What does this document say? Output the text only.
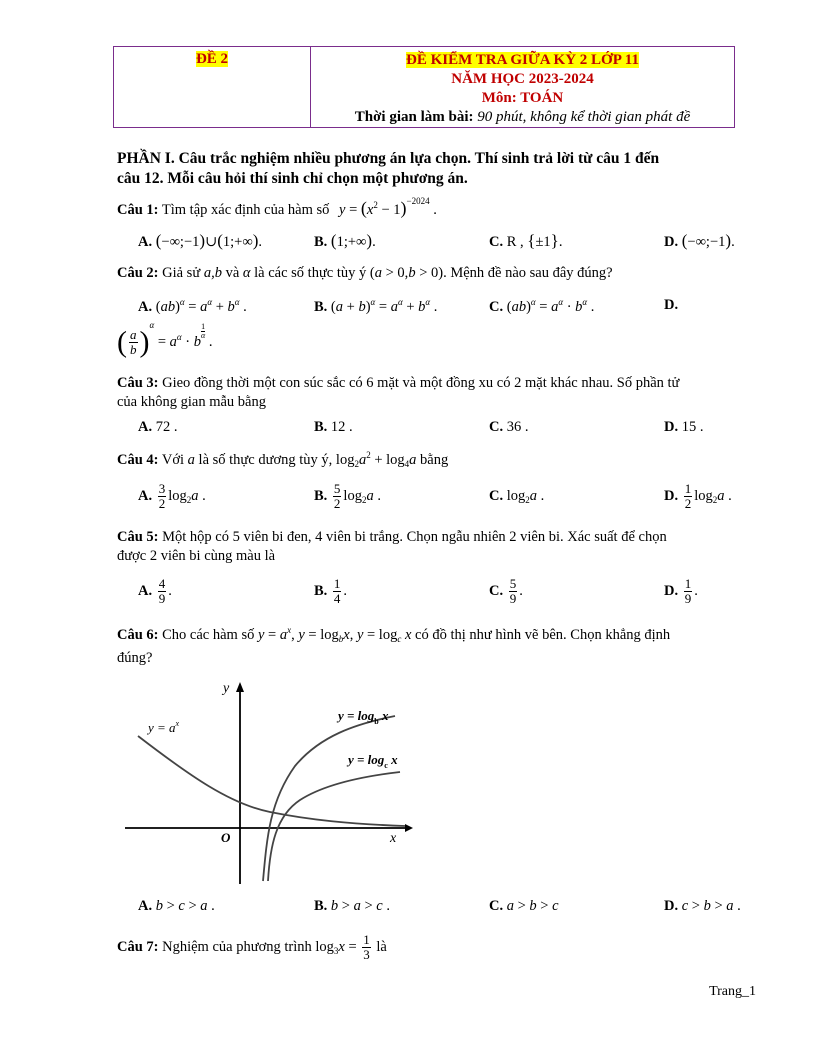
ĐỀ 2	ĐỀ KIỂM TRA GIỮA KỲ 2 LỚP 11
NĂM HỌC 2023-2024
Môn: TOÁN
Thời gian làm bài: 90 phút, không kể thời gian phát đề
PHẦN I. Câu trắc nghiệm nhiều phương án lựa chọn. Thí sinh trả lời từ câu 1 đến
câu 12. Mỗi câu hỏi thí sinh chỉ chọn một phương án.
Câu 1: Tìm tập xác định của hàm số $y = (x^2 - 1)^{-2024}$ .
A. (−∞;−1)∪(1;+∞).	B. (1;+∞).	C. R , {±1}.	D. (−∞;−1).
Câu 2: Giả sử a,b và α là các số thực tùy ý (a > 0,b > 0). Mệnh đề nào sau đây đúng?
A. $(ab)^\alpha = a^\alpha + b^\alpha$ .	B. $(a + b)^\alpha = a^\alpha + b^\alpha$ .	C. $(ab)^\alpha = a^\alpha \cdot b^\alpha$ .	D.
( $\frac{a}{b} )^\alpha = a^\alpha \cdot b$
$\frac{1}{\alpha}$
.
Câu 3: Gieo đồng thời một con súc sắc có 6 mặt và một đồng xu có 2 mặt khác nhau. Số phần tử
của không gian mẫu bằng
A. 72 .	B. 12 .	C. 36 .	D. 15 .
Câu 4: Với a là số thực dương tùy ý, $\log_2a^2 + \log_4a$ bằng
A. $\frac{3}{2} \log_2a$ .	B. $\frac{5}{2} \log_2a$ .	C. $\log_2a$ .	D. $\frac{1}{2} \log_2a$ .
Câu 5: Một hộp có 5 viên bi đen, 4 viên bi trắng. Chọn ngẫu nhiên 2 viên bi. Xác suất để chọn
được 2 viên bi cùng màu là
A. $\frac{4}{9}$ .	B. $\frac{1}{4}$ .	C. $\frac{5}{9}$ .	D. $\frac{1}{9}$ .
Câu 6: Cho các hàm số $y = a^x$, $y = \log_bx$, $y = \log_c x$ có đồ thị như hình vẽ bên. Chọn khẳng định
đúng?
y
x
O
$y = a^x$
$y = \log_b x$
$y = \log_c x$
A. b > c > a .	B. b > a > c .	C. a > b > c	D. c > b > a .
Câu 7: Nghiệm của phương trình $\log_3x = \frac{1}{3}$ là
Trang_1
